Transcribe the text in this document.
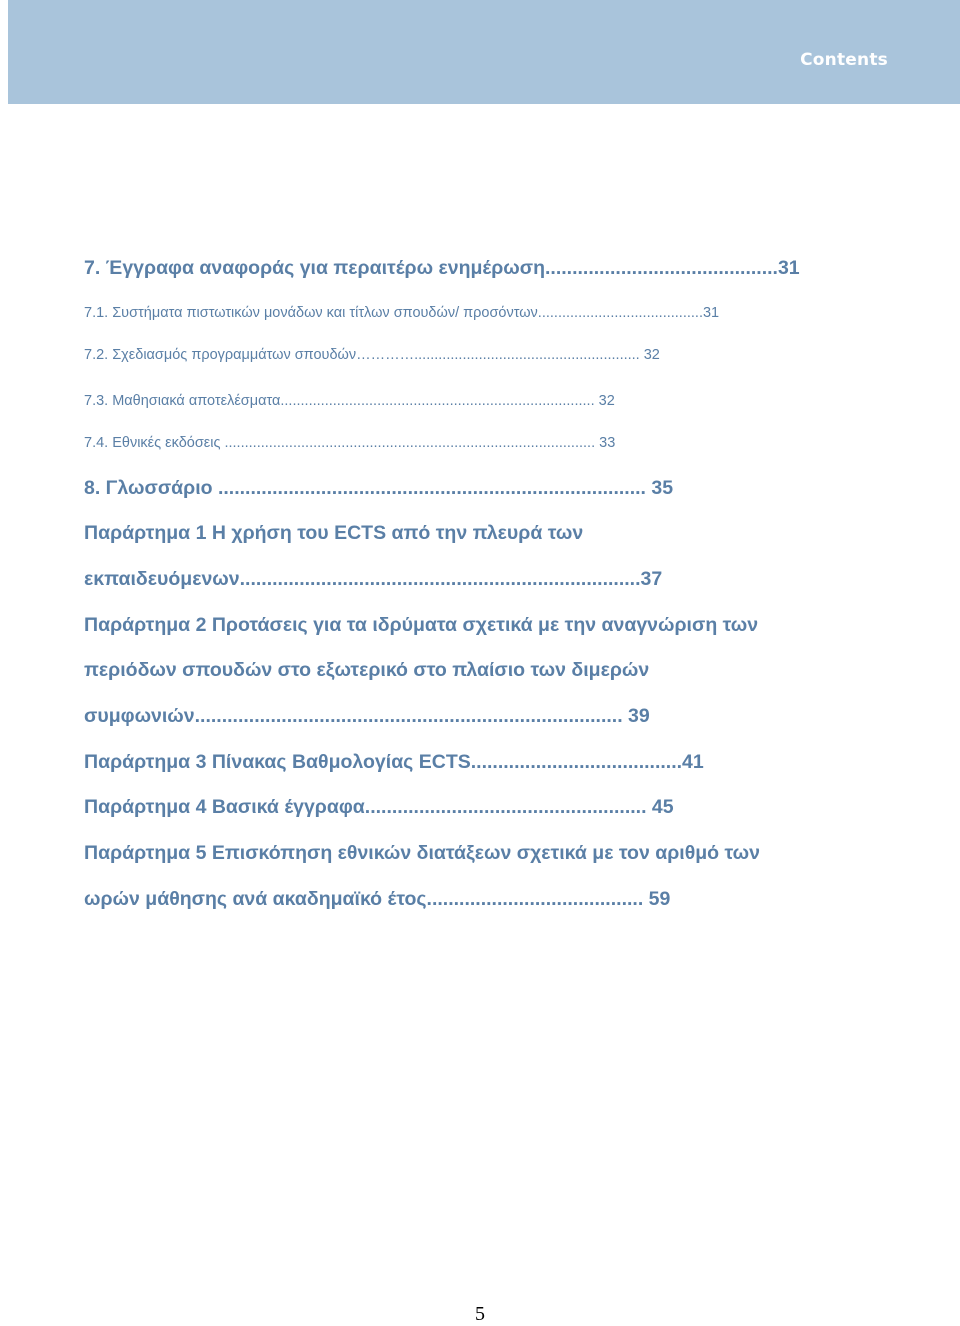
Contents
7. Έγγραφα αναφοράς για περαιτέρω ενημέρωση...........................................31
7.1. Συστήματα πιστωτικών μονάδων και τίτλων σπουδών/ προσόντων.........................................31
7.2. Σχεδιασμός προγραμμάτων σπουδών…………........................................................ 32
7.3. Μαθησιακά αποτελέσματα.............................................................................. 32
7.4. Εθνικές εκδόσεις ............................................................................................ 33
8. Γλωσσάριο ............................................................................... 35
Παράρτημα 1 Η χρήση του ECTS από την πλευρά των
εκπαιδευόμενων..........................................................................37
Παράρτημα 2 Προτάσεις για τα ιδρύματα σχετικά με την αναγνώριση των
περιόδων σπουδών στο εξωτερικό στο πλαίσιο των διμερών
συμφωνιών............................................................................... 39
Παράρτημα 3 Πίνακας Βαθμολογίας ECTS.......................................41
Παράρτημα 4 Βασικά έγγραφα.................................................... 45
Παράρτημα 5 Επισκόπηση εθνικών διατάξεων σχετικά με τον αριθμό των
ωρών μάθησης ανά ακαδημαϊκό έτος........................................ 59
5
